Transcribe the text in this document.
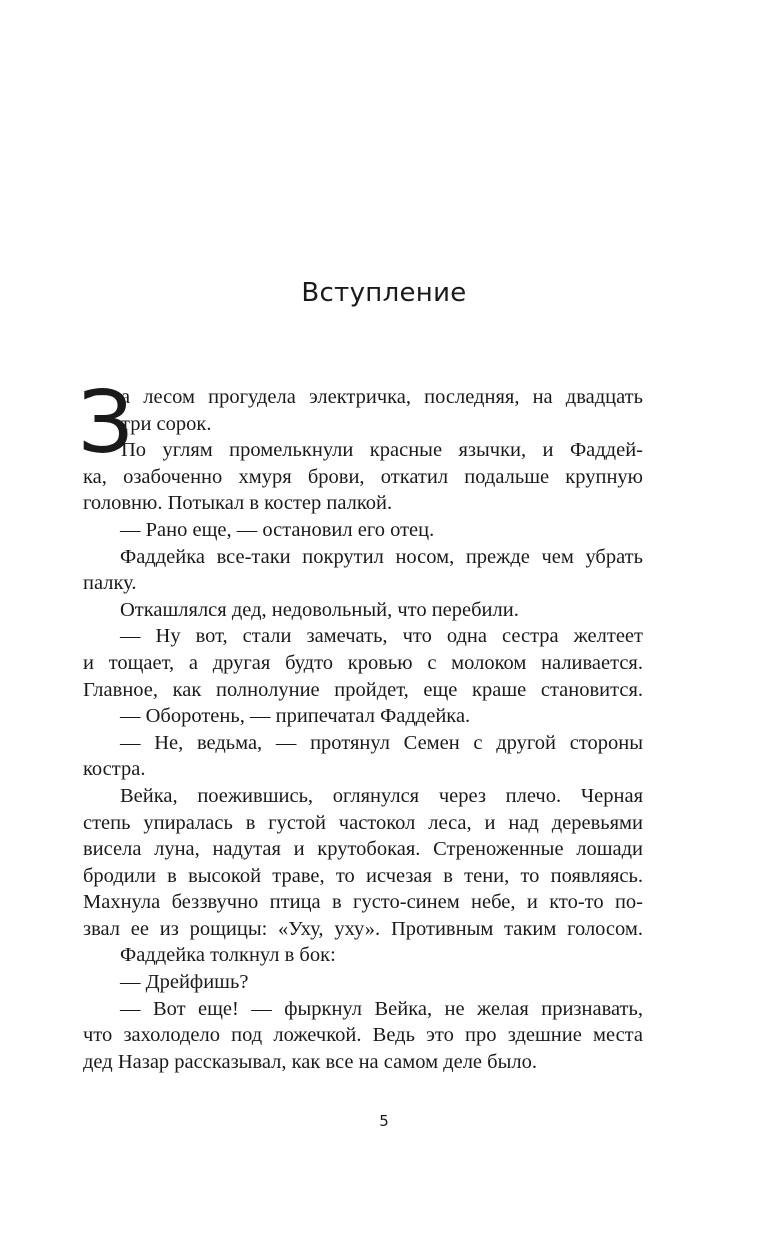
Вступление
З
а лесом прогудела электричка, последняя, на двадцать
три сорок.
По углям промелькнули красные язычки, и Фаддей-
ка, озабоченно хмуря брови, откатил подальше крупную
головню. Потыкал в костер палкой.
— Рано еще, — остановил его отец.
Фаддейка все-таки покрутил носом, прежде чем убрать
палку.
Откашлялся дед, недовольный, что перебили.
— Ну вот, стали замечать, что одна сестра желтеет
и тощает, а другая будто кровью с молоком наливается.
Главное, как полнолуние пройдет, еще краше становится.
— Оборотень, — припечатал Фаддейка.
— Не, ведьма, — протянул Семен с другой стороны
костра.
Вейка, поежившись, оглянулся через плечо. Черная
степь упиралась в густой частокол леса, и над деревьями
висела луна, надутая и крутобокая. Стреноженные лошади
бродили в высокой траве, то исчезая в тени, то появляясь.
Махнула беззвучно птица в густо-синем небе, и кто-то по-
звал ее из рощицы: «Уху, уху». Противным таким голосом.
Фаддейка толкнул в бок:
— Дрейфишь?
— Вот еще! — фыркнул Вейка, не желая признавать,
что захолодело под ложечкой. Ведь это про здешние места
дед Назар рассказывал, как все на самом деле было.
5
